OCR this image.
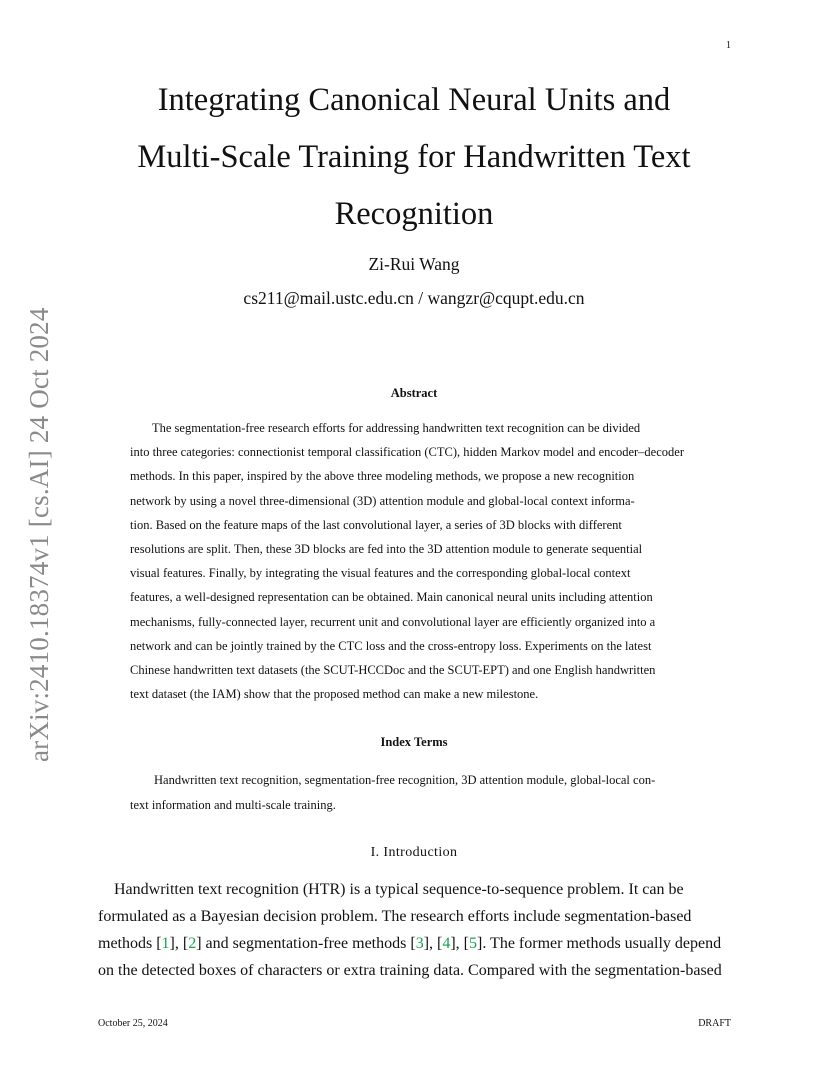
1
arXiv:2410.18374v1 [cs.AI] 24 Oct 2024
Integrating Canonical Neural Units and
Multi-Scale Training for Handwritten Text
Recognition
Zi-Rui Wang
cs211@mail.ustc.edu.cn / wangzr@cqupt.edu.cn
Abstract
The segmentation-free research efforts for addressing handwritten text recognition can be divided
into three categories: connectionist temporal classification (CTC), hidden Markov model and encoder–decoder
methods. In this paper, inspired by the above three modeling methods, we propose a new recognition
network by using a novel three-dimensional (3D) attention module and global-local context informa-
tion. Based on the feature maps of the last convolutional layer, a series of 3D blocks with different
resolutions are split. Then, these 3D blocks are fed into the 3D attention module to generate sequential
visual features. Finally, by integrating the visual features and the corresponding global-local context
features, a well-designed representation can be obtained. Main canonical neural units including attention
mechanisms, fully-connected layer, recurrent unit and convolutional layer are efficiently organized into a
network and can be jointly trained by the CTC loss and the cross-entropy loss. Experiments on the latest
Chinese handwritten text datasets (the SCUT-HCCDoc and the SCUT-EPT) and one English handwritten
text dataset (the IAM) show that the proposed method can make a new milestone.
Index Terms
Handwritten text recognition, segmentation-free recognition, 3D attention module, global-local con-
text information and multi-scale training.
I. Introduction
Handwritten text recognition (HTR) is a typical sequence-to-sequence problem. It can be
formulated as a Bayesian decision problem. The research efforts include segmentation-based
methods [1], [2] and segmentation-free methods [3], [4], [5]. The former methods usually depend
on the detected boxes of characters or extra training data. Compared with the segmentation-based
October 25, 2024	DRAFT
